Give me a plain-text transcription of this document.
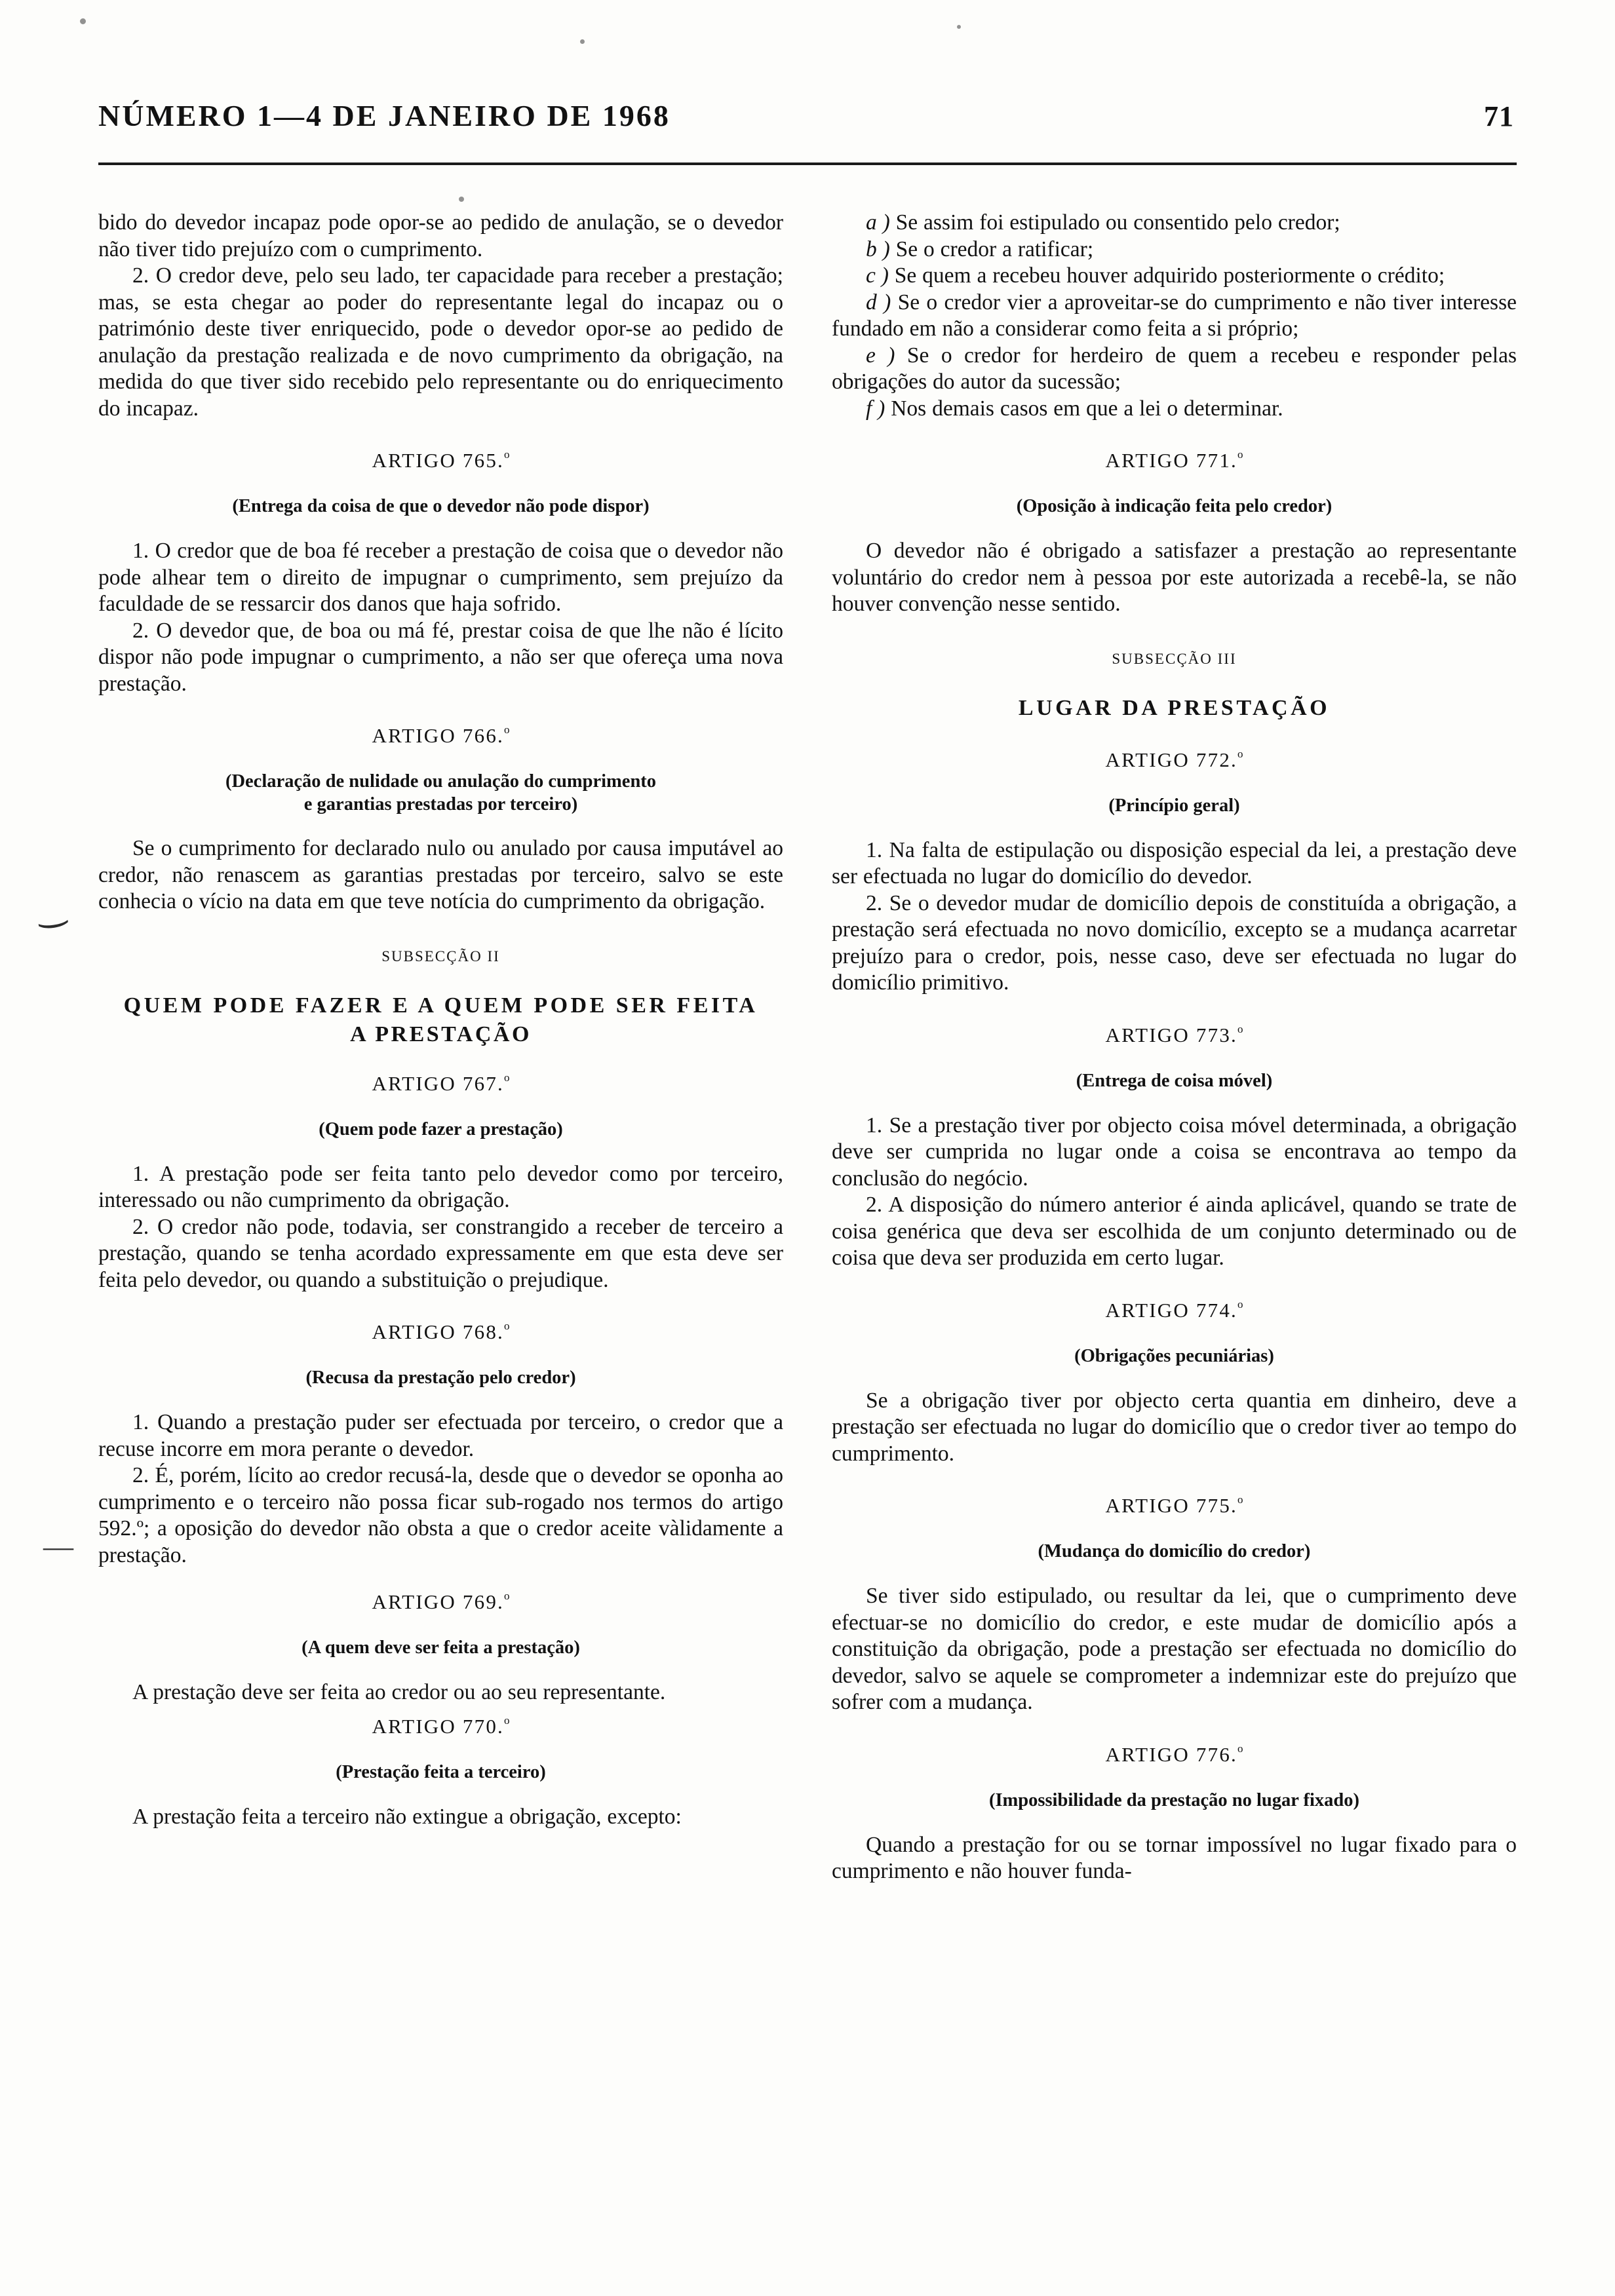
NÚMERO 1—4 DE JANEIRO DE 1968	71

bido do devedor incapaz pode opor-se ao pedido de anulação, se o devedor não tiver tido prejuízo com o cumprimento.

2. O credor deve, pelo seu lado, ter capacidade para receber a prestação; mas, se esta chegar ao poder do representante legal do incapaz ou o património deste tiver enriquecido, pode o devedor opor-se ao pedido de anulação da prestação realizada e de novo cumprimento da obrigação, na medida do que tiver sido recebido pelo representante ou do enriquecimento do incapaz.

ARTIGO 765.$^o$
(Entrega da coisa de que o devedor não pode dispor)

1. O credor que de boa fé receber a prestação de coisa que o devedor não pode alhear tem o direito de impugnar o cumprimento, sem prejuízo da faculdade de se ressarcir dos danos que haja sofrido.

2. O devedor que, de boa ou má fé, prestar coisa de que lhe não é lícito dispor não pode impugnar o cumprimento, a não ser que ofereça uma nova prestação.

ARTIGO 766.$^o$
⌣
(Declaração de nulidade ou anulação do cumprimento
e garantias prestadas por terceiro)

Se o cumprimento for declarado nulo ou anulado por causa imputável ao credor, não renascem as garantias prestadas por terceiro, salvo se este conhecia o vício na data em que teve notícia do cumprimento da obrigação.

SUBSECÇÃO II
QUEM PODE FAZER E A QUEM PODE SER FEITA
A PRESTAÇÃO
ARTIGO 767.$^o$
(Quem pode fazer a prestação)

1. A prestação pode ser feita tanto pelo devedor como por terceiro, interessado ou não cumprimento da obrigação.

2. O credor não pode, todavia, ser constrangido a receber de terceiro a prestação, quando se tenha acordado expressamente em que esta deve ser feita pelo devedor, ou quando a substituição o prejudique.

—
ARTIGO 768.$^o$
(Recusa da prestação pelo credor)

1. Quando a prestação puder ser efectuada por terceiro, o credor que a recuse incorre em mora perante o devedor.

2. É, porém, lícito ao credor recusá-la, desde que o devedor se oponha ao cumprimento e o terceiro não possa ficar sub-rogado nos termos do artigo 592.º; a oposição do devedor não obsta a que o credor aceite vàlidamente a prestação.

ARTIGO 769.$^o$
(A quem deve ser feita a prestação)

A prestação deve ser feita ao credor ou ao seu representante.

ARTIGO 770.$^o$
(Prestação feita a terceiro)

A prestação feita a terceiro não extingue a obrigação, excepto:

a ) Se assim foi estipulado ou consentido pelo credor;

b ) Se o credor a ratificar;

c ) Se quem a recebeu houver adquirido posteriormente o crédito;

d ) Se o credor vier a aproveitar-se do cumprimento e não tiver interesse fundado em não a considerar como feita a si próprio;

e ) Se o credor for herdeiro de quem a recebeu e responder pelas obrigações do autor da sucessão;

f ) Nos demais casos em que a lei o determinar.

ARTIGO 771.$^o$
(Oposição à indicação feita pelo credor)

O devedor não é obrigado a satisfazer a prestação ao representante voluntário do credor nem à pessoa por este autorizada a recebê-la, se não houver convenção nesse sentido.

SUBSECÇÃO III
LUGAR DA PRESTAÇÃO
ARTIGO 772.$^o$
(Princípio geral)

1. Na falta de estipulação ou disposição especial da lei, a prestação deve ser efectuada no lugar do domicílio do devedor.

2. Se o devedor mudar de domicílio depois de constituída a obrigação, a prestação será efectuada no novo domicílio, excepto se a mudança acarretar prejuízo para o credor, pois, nesse caso, deve ser efectuada no lugar do domicílio primitivo.

ARTIGO 773.$^o$
(Entrega de coisa móvel)

1. Se a prestação tiver por objecto coisa móvel determinada, a obrigação deve ser cumprida no lugar onde a coisa se encontrava ao tempo da conclusão do negócio.

2. A disposição do número anterior é ainda aplicável, quando se trate de coisa genérica que deva ser escolhida de um conjunto determinado ou de coisa que deva ser produzida em certo lugar.

ARTIGO 774.$^o$
(Obrigações pecuniárias)

Se a obrigação tiver por objecto certa quantia em dinheiro, deve a prestação ser efectuada no lugar do domicílio que o credor tiver ao tempo do cumprimento.

ARTIGO 775.$^o$
(Mudança do domicílio do credor)

Se tiver sido estipulado, ou resultar da lei, que o cumprimento deve efectuar-se no domicílio do credor, e este mudar de domicílio após a constituição da obrigação, pode a prestação ser efectuada no domicílio do devedor, salvo se aquele se comprometer a indemnizar este do prejuízo que sofrer com a mudança.

ARTIGO 776.$^o$
(Impossibilidade da prestação no lugar fixado)

Quando a prestação for ou se tornar impossível no lugar fixado para o cumprimento e não houver funda-
